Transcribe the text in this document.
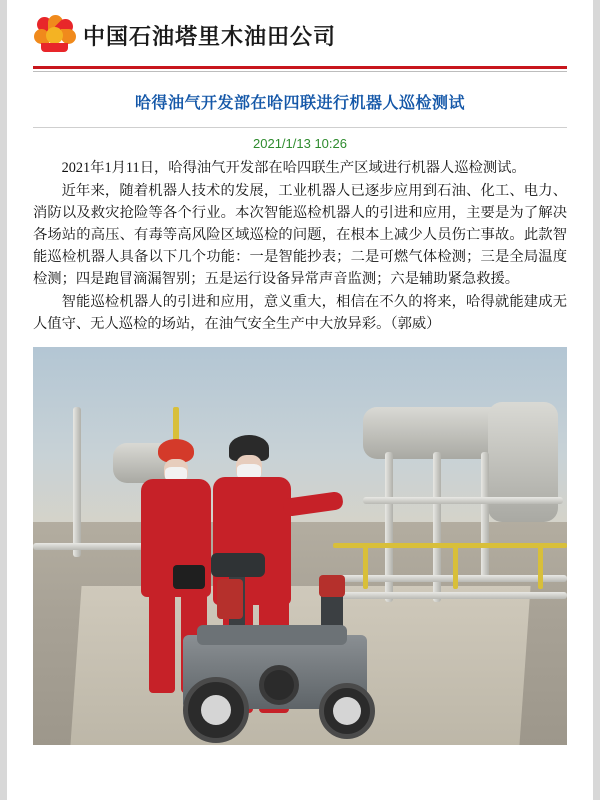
中国石油塔里木油田公司
哈得油气开发部在哈四联进行机器人巡检测试
2021/1/13 10:26

2021年1月11日，哈得油气开发部在哈四联生产区域进行机器人巡检测试。

近年来，随着机器人技术的发展，工业机器人已逐步应用到石油、化工、电力、消防以及救灾抢险等各个行业。本次智能巡检机器人的引进和应用，主要是为了解决各场站的高压、有毒等高风险区域巡检的问题，在根本上减少人员伤亡事故。此款智能巡检机器人具备以下几个功能：一是智能抄表；二是可燃气体检测；三是全局温度检测；四是跑冒滴漏智别；五是运行设备异常声音监测；六是辅助紧急救援。

智能巡检机器人的引进和应用，意义重大，相信在不久的将来，哈得就能建成无人值守、无人巡检的场站，在油气安全生产中大放异彩。（郭威）
